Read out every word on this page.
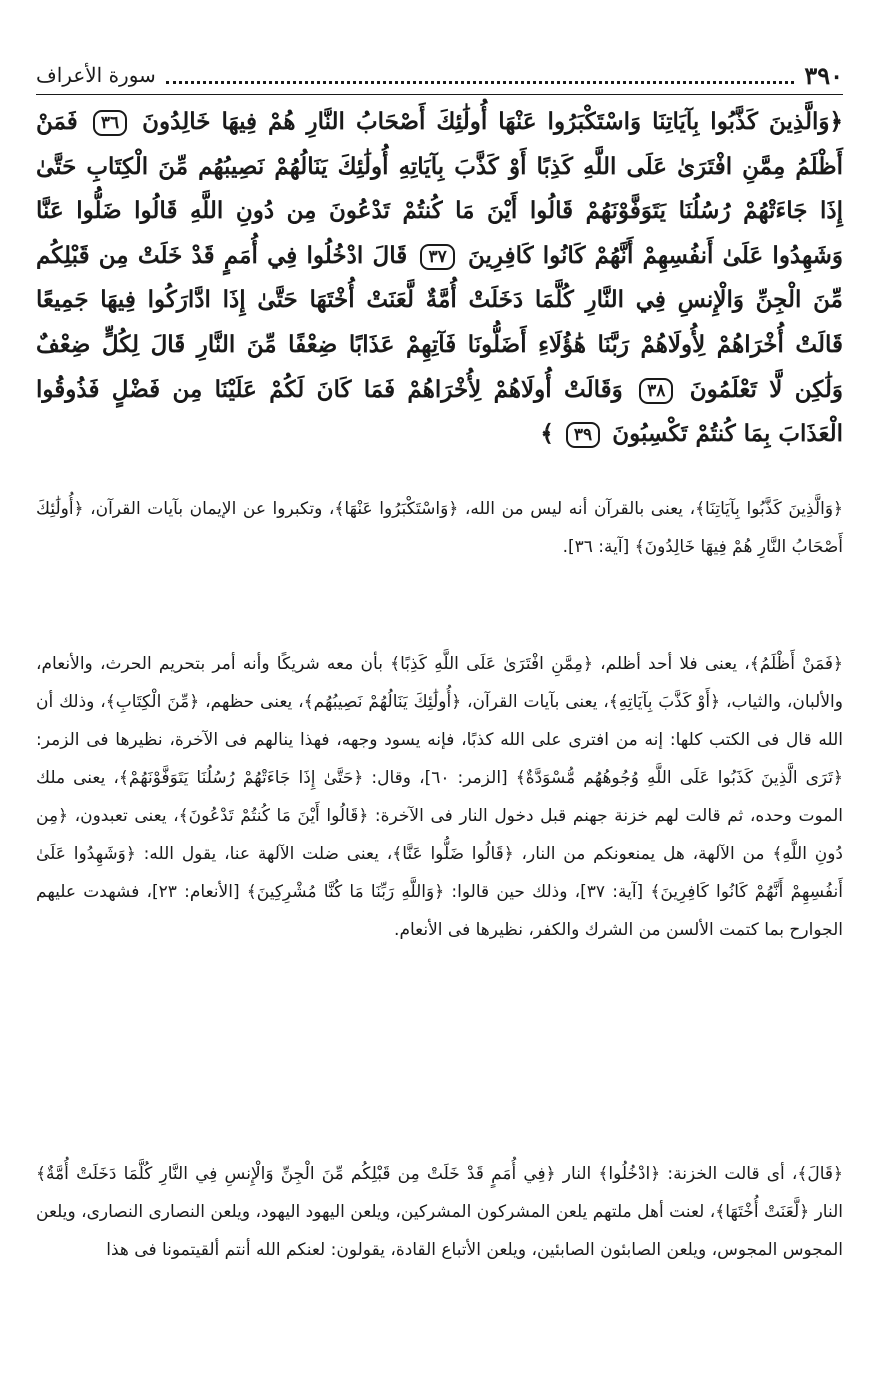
٣٩٠
سورة الأعراف
﴿وَالَّذِينَ كَذَّبُوا بِآيَاتِنَا وَاسْتَكْبَرُوا عَنْهَا أُولَٰئِكَ أَصْحَابُ النَّارِ هُمْ فِيهَا خَالِدُونَ ٣٦ فَمَنْ أَظْلَمُ مِمَّنِ افْتَرَىٰ عَلَى اللَّهِ كَذِبًا أَوْ كَذَّبَ بِآيَاتِهِ أُولَٰئِكَ يَنَالُهُمْ نَصِيبُهُم مِّنَ الْكِتَابِ حَتَّىٰ إِذَا جَاءَتْهُمْ رُسُلُنَا يَتَوَفَّوْنَهُمْ قَالُوا أَيْنَ مَا كُنتُمْ تَدْعُونَ مِن دُونِ اللَّهِ قَالُوا ضَلُّوا عَنَّا وَشَهِدُوا عَلَىٰ أَنفُسِهِمْ أَنَّهُمْ كَانُوا كَافِرِينَ ٣٧ قَالَ ادْخُلُوا فِي أُمَمٍ قَدْ خَلَتْ مِن قَبْلِكُم مِّنَ الْجِنِّ وَالْإِنسِ فِي النَّارِ كُلَّمَا دَخَلَتْ أُمَّةٌ لَّعَنَتْ أُخْتَهَا حَتَّىٰ إِذَا ادَّارَكُوا فِيهَا جَمِيعًا قَالَتْ أُخْرَاهُمْ لِأُولَاهُمْ رَبَّنَا هَٰؤُلَاءِ أَضَلُّونَا فَآتِهِمْ عَذَابًا ضِعْفًا مِّنَ النَّارِ قَالَ لِكُلٍّ ضِعْفٌ وَلَٰكِن لَّا تَعْلَمُونَ ٣٨ وَقَالَتْ أُولَاهُمْ لِأُخْرَاهُمْ فَمَا كَانَ لَكُمْ عَلَيْنَا مِن فَضْلٍ فَذُوقُوا الْعَذَابَ بِمَا كُنتُمْ تَكْسِبُونَ ٣٩ ﴾
﴿وَالَّذِينَ كَذَّبُوا بِآيَاتِنَا﴾، يعنى بالقرآن أنه ليس من الله، ﴿وَاسْتَكْبَرُوا عَنْهَا﴾، وتكبروا عن الإيمان بآيات القرآن، ﴿أُولَٰئِكَ أَصْحَابُ النَّارِ هُمْ فِيهَا خَالِدُونَ﴾ [آية: ٣٦].
﴿فَمَنْ أَظْلَمُ﴾، يعنى فلا أحد أظلم، ﴿مِمَّنِ افْتَرَىٰ عَلَى اللَّهِ كَذِبًا﴾ بأن معه شريكًا وأنه أمر بتحريم الحرث، والأنعام، والألبان، والثياب، ﴿أَوْ كَذَّبَ بِآيَاتِهِ﴾، يعنى بآيات القرآن، ﴿أُولَٰئِكَ يَنَالُهُمْ نَصِيبُهُم﴾، يعنى حظهم، ﴿مِّنَ الْكِتَابِ﴾، وذلك أن الله قال فى الكتب كلها: إنه من افترى على الله كذبًا، فإنه يسود وجهه، فهذا ينالهم فى الآخرة، نظيرها فى الزمر: ﴿تَرَى الَّذِينَ كَذَبُوا عَلَى اللَّهِ وُجُوهُهُم مُّسْوَدَّةٌ﴾ [الزمر: ٦٠]، وقال: ﴿حَتَّىٰ إِذَا جَاءَتْهُمْ رُسُلُنَا يَتَوَفَّوْنَهُمْ﴾، يعنى ملك الموت وحده، ثم قالت لهم خزنة جهنم قبل دخول النار فى الآخرة: ﴿قَالُوا أَيْنَ مَا كُنتُمْ تَدْعُونَ﴾، يعنى تعبدون، ﴿مِن دُونِ اللَّهِ﴾ من الآلهة، هل يمنعونكم من النار، ﴿قَالُوا ضَلُّوا عَنَّا﴾، يعنى ضلت الآلهة عنا، يقول الله: ﴿وَشَهِدُوا عَلَىٰ أَنفُسِهِمْ أَنَّهُمْ كَانُوا كَافِرِينَ﴾ [آية: ٣٧]، وذلك حين قالوا: ﴿وَاللَّهِ رَبِّنَا مَا كُنَّا مُشْرِكِينَ﴾ [الأنعام: ٢٣]، فشهدت عليهم الجوارح بما كتمت الألسن من الشرك والكفر، نظيرها فى الأنعام.
﴿قَالَ﴾، أى قالت الخزنة: ﴿ادْخُلُوا﴾ النار ﴿فِي أُمَمٍ قَدْ خَلَتْ مِن قَبْلِكُم مِّنَ الْجِنِّ وَالْإِنسِ فِي النَّارِ كُلَّمَا دَخَلَتْ أُمَّةٌ﴾ النار ﴿لَّعَنَتْ أُخْتَهَا﴾، لعنت أهل ملتهم يلعن المشركون المشركين، ويلعن اليهود اليهود، ويلعن النصارى النصارى، ويلعن المجوس المجوس، ويلعن الصابئون الصابئين، ويلعن الأتباع القادة، يقولون: لعنكم الله أنتم ألقيتمونا فى هذا
